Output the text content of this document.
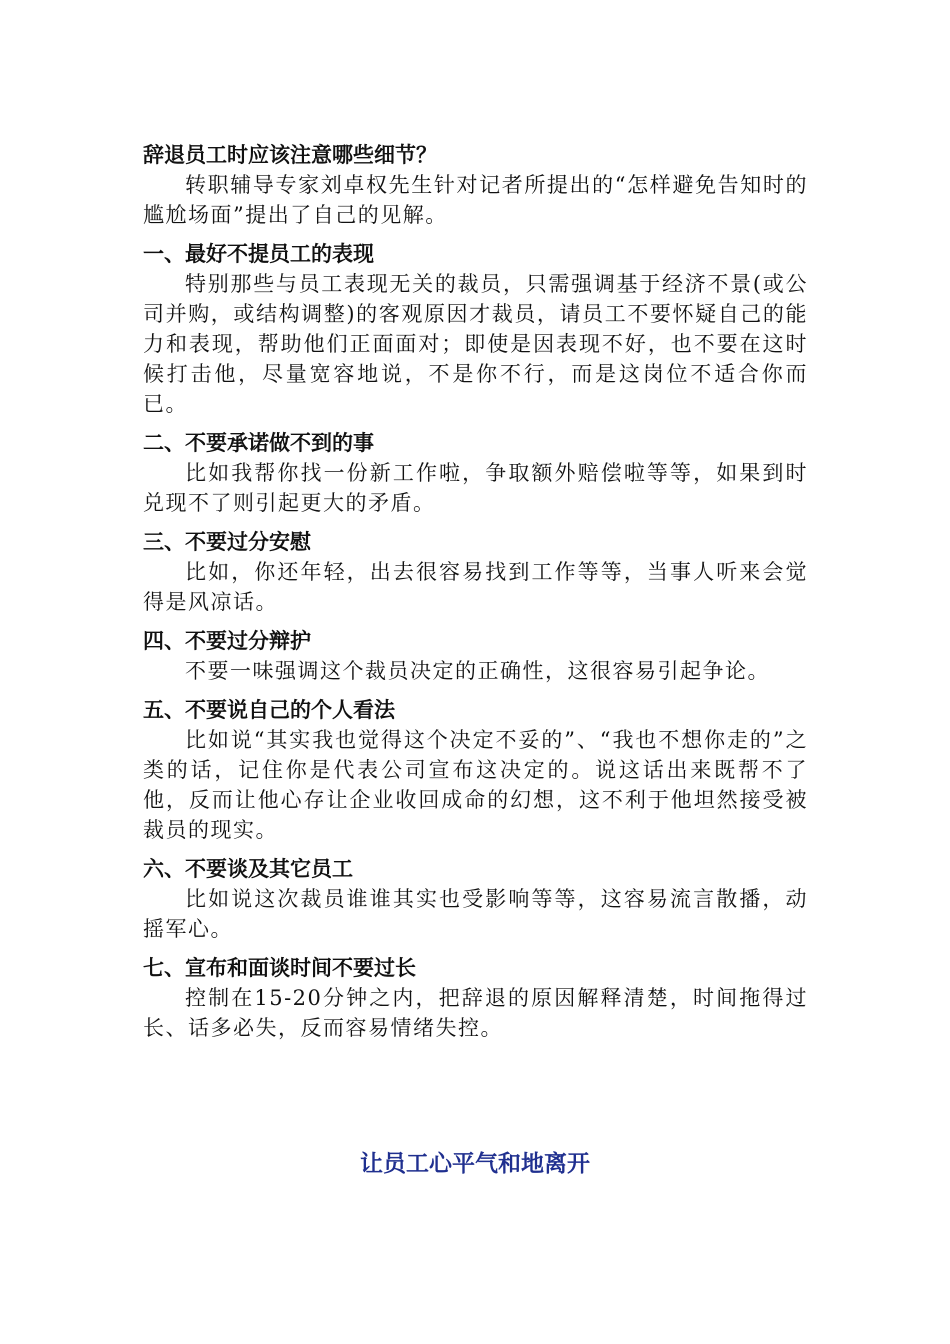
辞退员工时应该注意哪些细节？

转职辅导专家刘卓权先生针对记者所提出的“怎样避免告知时的尴尬场面”提出了自己的见解。

一、最好不提员工的表现

特别那些与员工表现无关的裁员，只需强调基于经济不景(或公司并购，或结构调整)的客观原因才裁员，请员工不要怀疑自己的能力和表现，帮助他们正面面对；即使是因表现不好，也不要在这时候打击他，尽量宽容地说，不是你不行，而是这岗位不适合你而已。

二、不要承诺做不到的事

比如我帮你找一份新工作啦，争取额外赔偿啦等等，如果到时兑现不了则引起更大的矛盾。

三、不要过分安慰

比如，你还年轻，出去很容易找到工作等等，当事人听来会觉得是风凉话。

四、不要过分辩护

不要一味强调这个裁员决定的正确性，这很容易引起争论。

五、不要说自己的个人看法

比如说“其实我也觉得这个决定不妥的”、“我也不想你走的”之类的话，记住你是代表公司宣布这决定的。说这话出来既帮不了他，反而让他心存让企业收回成命的幻想，这不利于他坦然接受被裁员的现实。

六、不要谈及其它员工

比如说这次裁员谁谁其实也受影响等等，这容易流言散播，动摇军心。

七、宣布和面谈时间不要过长

控制在15-20分钟之内，把辞退的原因解释清楚，时间拖得过长、话多必失，反而容易情绪失控。

让员工心平气和地离开
